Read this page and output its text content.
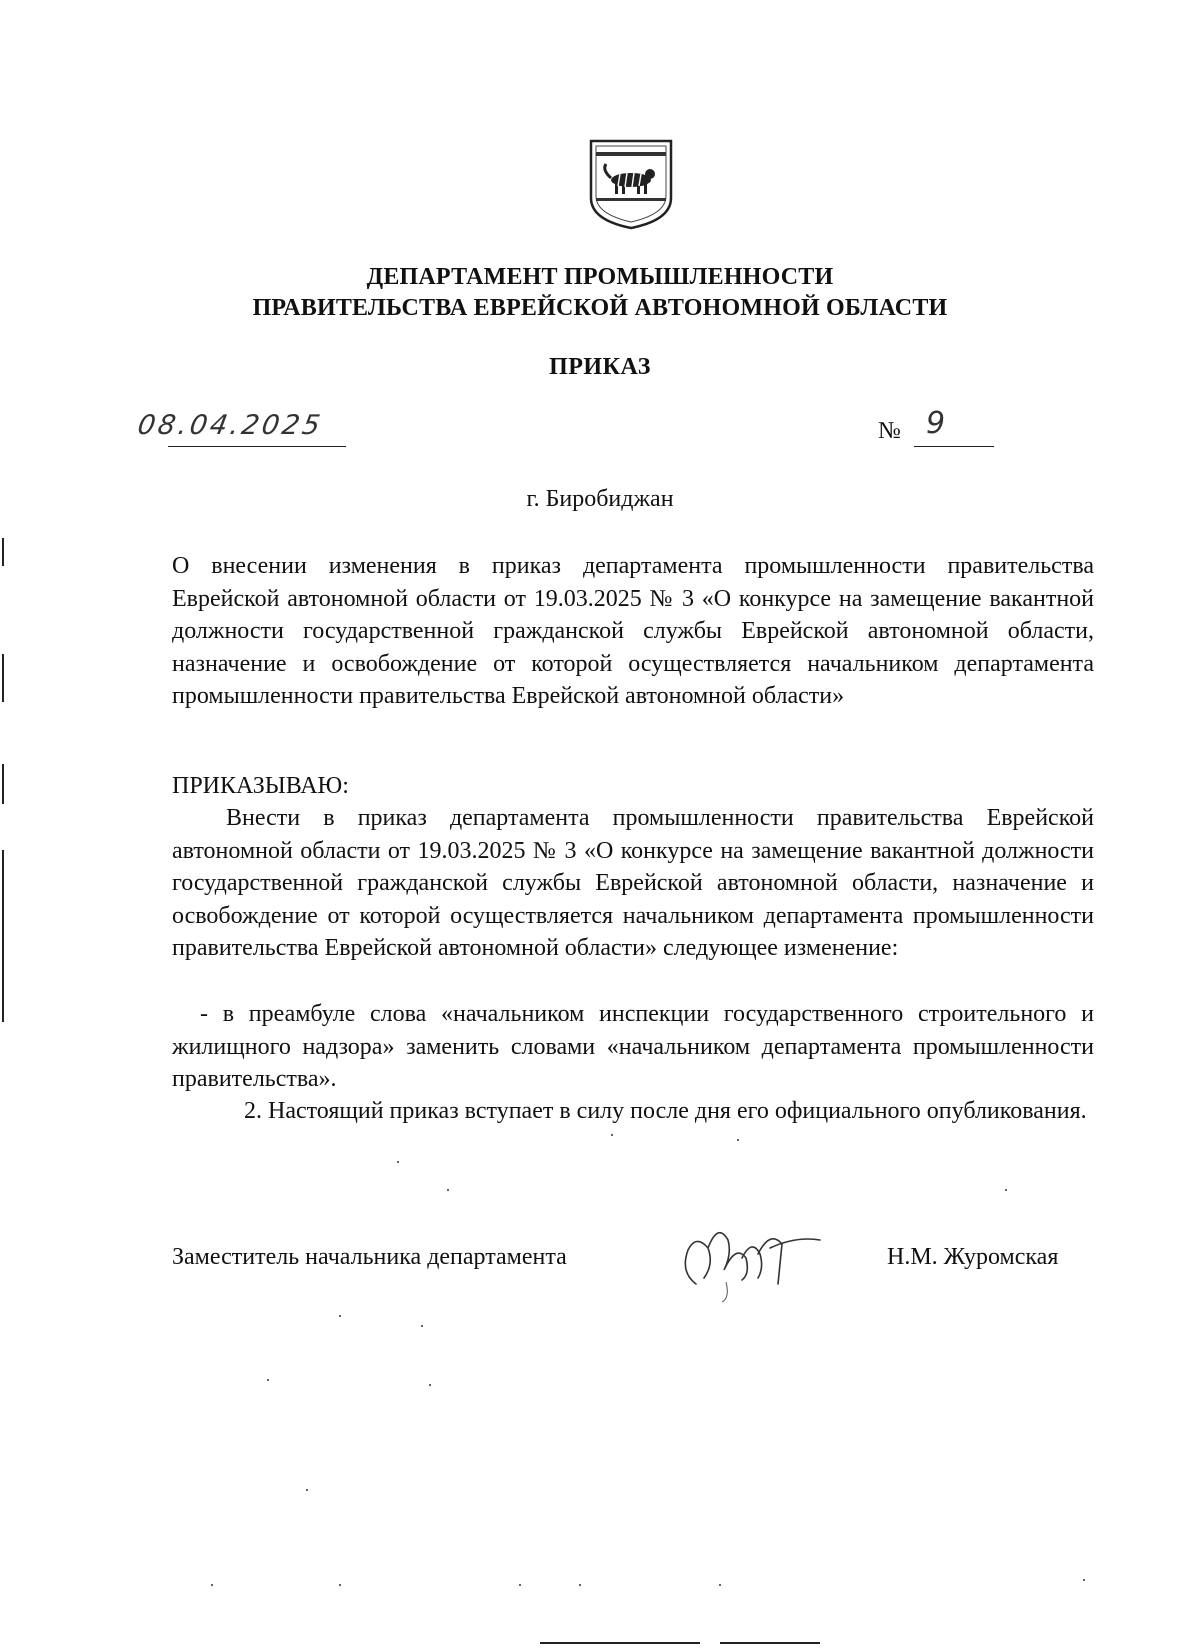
ДЕПАРТАМЕНТ ПРОМЫШЛЕННОСТИ
ПРАВИТЕЛЬСТВА ЕВРЕЙСКОЙ АВТОНОМНОЙ ОБЛАСТИ
ПРИКАЗ
08.04.2025	№ 9
г. Биробиджан
О внесении изменения в приказ департамента промышленности правительства Еврейской автономной области от 19.03.2025 № 3 «О конкурсе на замещение вакантной должности государственной гражданской службы Еврейской автономной области, назначение и освобождение от которой осуществляется начальником департамента промышленности правительства Еврейской автономной области»
ПРИКАЗЫВАЮ:
Внести в приказ департамента промышленности правительства Еврейской автономной области от 19.03.2025 № 3 «О конкурсе на замещение вакантной должности государственной гражданской службы Еврейской автономной области, назначение и освобождение от которой осуществляется начальником департамента промышленности правительства Еврейской автономной области» следующее изменение:
- в преамбуле слова «начальником инспекции государственного строительного и жилищного надзора» заменить словами «начальником департамента промышленности правительства».
2. Настоящий приказ вступает в силу после дня его официального опубликования.
Заместитель начальника департамента	Н.М. Журомская
